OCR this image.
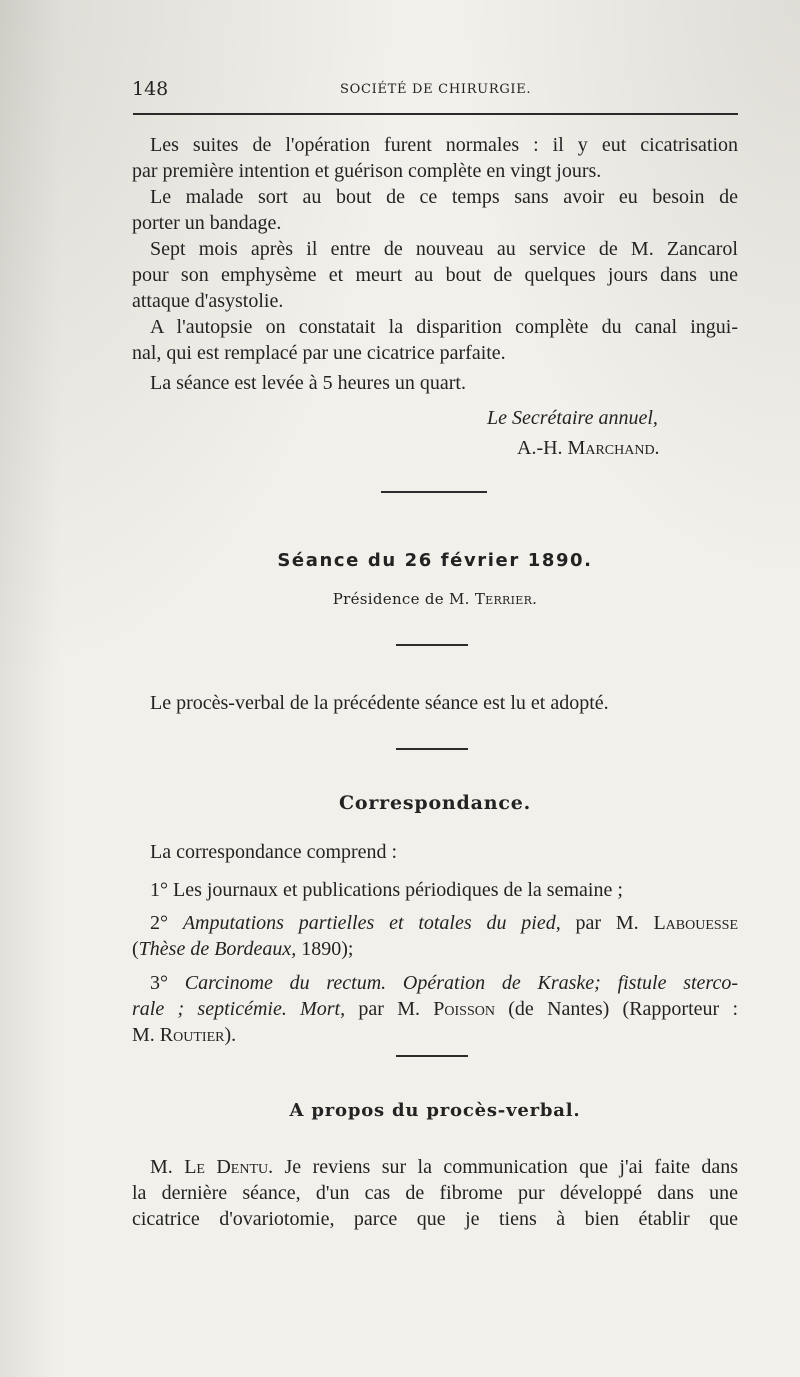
148	SOCIÉTÉ DE CHIRURGIE.
Les suites de l'opération furent normales : il y eut cicatrisation
par première intention et guérison complète en vingt jours.
Le malade sort au bout de ce temps sans avoir eu besoin de
porter un bandage.
Sept mois après il entre de nouveau au service de M. Zancarol
pour son emphysème et meurt au bout de quelques jours dans une
attaque d'asystolie.
A l'autopsie on constatait la disparition complète du canal ingui-
nal, qui est remplacé par une cicatrice parfaite.
La séance est levée à 5 heures un quart.
Le Secrétaire annuel,
A.-H. Marchand.
Séance du 26 février 1890.
Présidence de M. Terrier.
Le procès-verbal de la précédente séance est lu et adopté.
Correspondance.
La correspondance comprend :
1° Les journaux et publications périodiques de la semaine ;
2° Amputations partielles et totales du pied, par M. Labouesse
(Thèse de Bordeaux, 1890);
3° Carcinome du rectum. Opération de Kraske; fistule sterco-
rale ; septicémie. Mort, par M. Poisson (de Nantes) (Rapporteur :
M. Routier).
A propos du procès-verbal.
M. Le Dentu. Je reviens sur la communication que j'ai faite dans
la dernière séance, d'un cas de fibrome pur développé dans une
cicatrice d'ovariotomie, parce que je tiens à bien établir que
